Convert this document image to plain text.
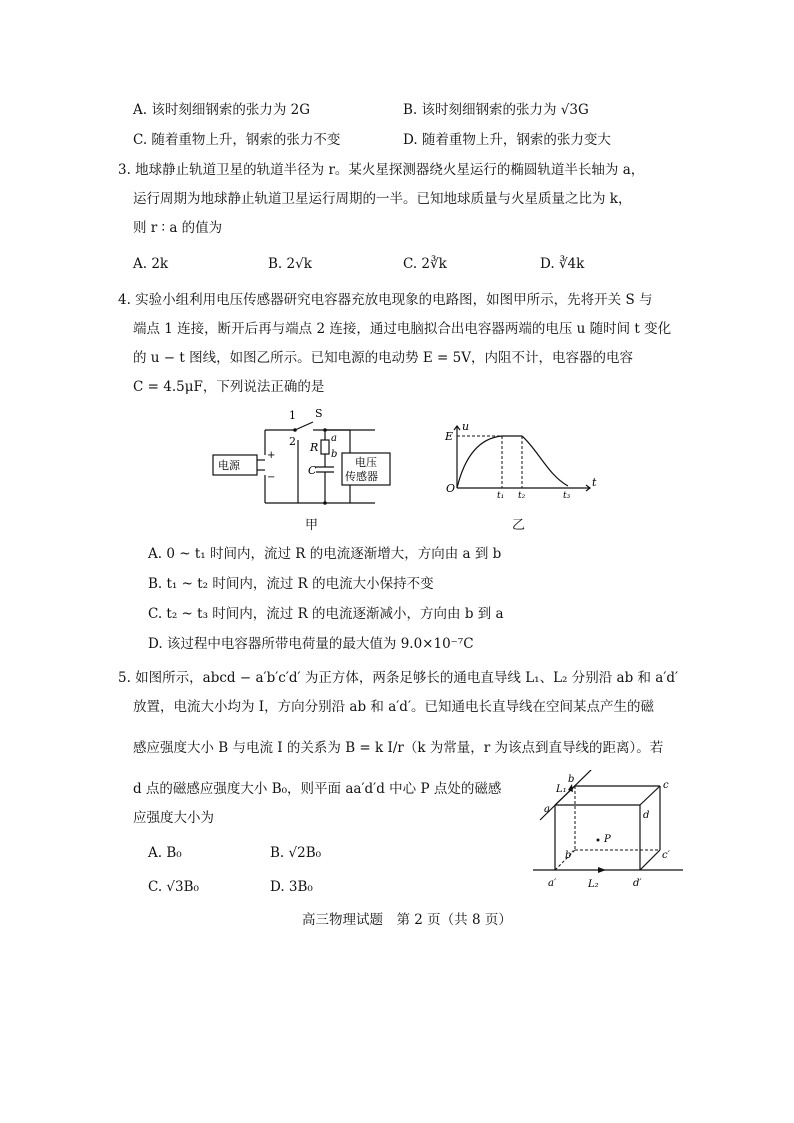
A. 该时刻细钢索的张力为 2G	B. 该时刻细钢索的张力为 √3G
C. 随着重物上升，钢索的张力不变	D. 随着重物上升，钢索的张力变大
3. 地球静止轨道卫星的轨道半径为 r。某火星探测器绕火星运行的椭圆轨道半长轴为 a，
运行周期为地球静止轨道卫星运行周期的一半。已知地球质量与火星质量之比为 k，
则 r ∶ a 的值为
A. 2k	B. 2√k	C. 2∛k	D. ∛4k
4. 实验小组利用电压传感器研究电容器充放电现象的电路图，如图甲所示，先将开关 S 与
端点 1 连接，断开后再与端点 2 连接，通过电脑拟合出电容器两端的电压 u 随时间 t 变化
的 u − t 图线，如图乙所示。已知电源的电动势 E = 5V，内阻不计，电容器的电容
C = 4.5μF，下列说法正确的是
1 S
2
电源
+
−
R
a
b
C
电压
传感器
甲
u
t
E
O
t₁ t₂	t₃
乙
A. 0 ~ t₁ 时间内，流过 R 的电流逐渐增大，方向由 a 到 b
B. t₁ ~ t₂ 时间内，流过 R 的电流大小保持不变
C. t₂ ~ t₃ 时间内，流过 R 的电流逐渐减小，方向由 b 到 a
D. 该过程中电容器所带电荷量的最大值为 9.0×10⁻⁷C
5. 如图所示，abcd − a′b′c′d′ 为正方体，两条足够长的通电直导线 L₁、L₂ 分别沿 ab 和 a′d′
放置，电流大小均为 I，方向分别沿 ab 和 a′d′。已知通电长直导线在空间某点产生的磁
感应强度大小 B 与电流 I 的关系为 B = k I/r（k 为常量，r 为该点到直导线的距离）。若
d 点的磁感应强度大小 B₀，则平面 aa′d′d 中心 P 点处的磁感
应强度大小为
A. B₀	B. √2B₀
C. √3B₀	D. 3B₀
L₁
L₂
P
a
b
c
d
a′
b′	c′
d′
高三物理试题　第 2 页（共 8 页）
